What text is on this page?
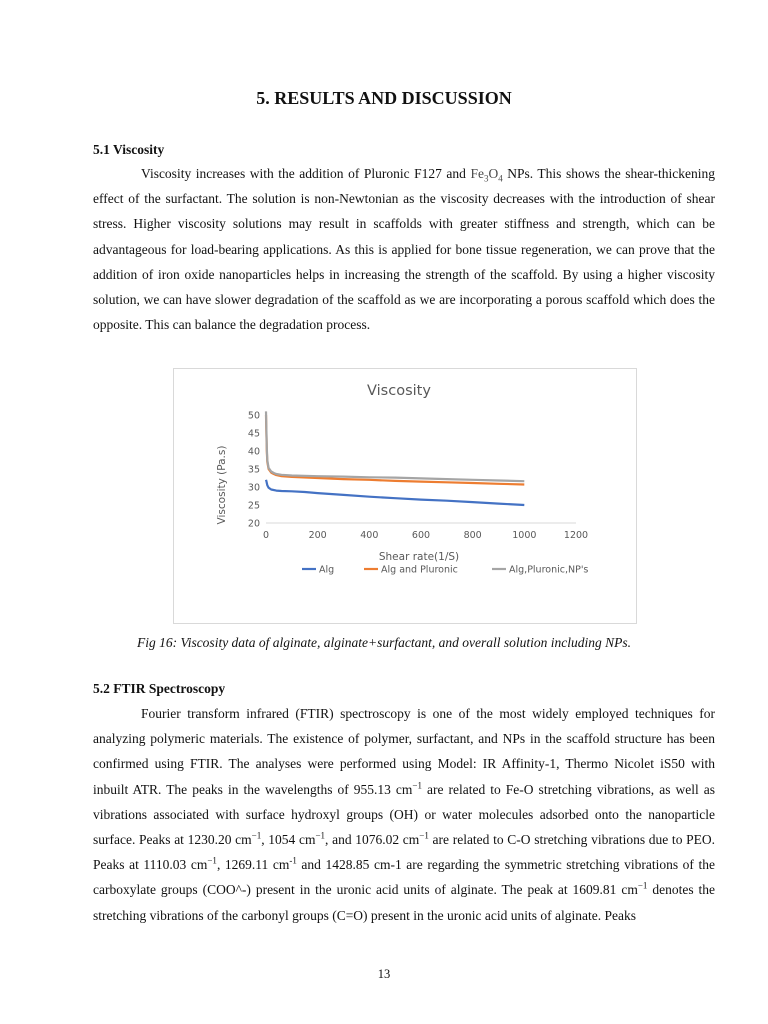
5. RESULTS AND DISCUSSION
5.1 Viscosity

Viscosity increases with the addition of Pluronic F127 and $Fe_3O_4$ NPs. This shows the shear-thickening effect of the surfactant. The solution is non-Newtonian as the viscosity decreases with the introduction of shear stress. Higher viscosity solutions may result in scaffolds with greater stiffness and strength, which can be advantageous for load-bearing applications. As this is applied for bone tissue regeneration, we can prove that the addition of iron oxide nanoparticles helps in increasing the strength of the scaffold. By using a higher viscosity solution, we can have slower degradation of the scaffold as we are incorporating a porous scaffold which does the opposite. This can balance the degradation process.

Viscosity
Viscosity (Pa.s)
Shear rate(1/S)
20
25
30
35
40
45
50
0	200	400	600	800	1000	1200
Alg	Alg and Pluronic	Alg,Pluronic,NP's

Fig 16: Viscosity data of alginate, alginate+surfactant, and overall solution including NPs.

5.2 FTIR Spectroscopy

Fourier transform infrared (FTIR) spectroscopy is one of the most widely employed techniques for analyzing polymeric materials. The existence of polymer, surfactant, and NPs in the scaffold structure has been confirmed using FTIR. The analyses were performed using Model: IR Affinity-1, Thermo Nicolet iS50 with inbuilt ATR. The peaks in the wavelengths of 955.13 $cm^{-1}$ are related to Fe-O stretching vibrations, as well as vibrations associated with surface hydroxyl groups (OH) or water molecules adsorbed onto the nanoparticle surface. Peaks at 1230.20 $cm^{-1}$, 1054 $cm^{-1}$, and 1076.02 $cm^{-1}$ are related to C-O stretching vibrations due to PEO. Peaks at 1110.03 $cm^{-1}$, 1269.11 $cm^{-1}$ and 1428.85 cm-1 are regarding the symmetric stretching vibrations of the carboxylate groups (COO^-) present in the uronic acid units of alginate. The peak at 1609.81 $cm^{-1}$ denotes the stretching vibrations of the carbonyl groups (C=O) present in the uronic acid units of alginate. Peaks

13
